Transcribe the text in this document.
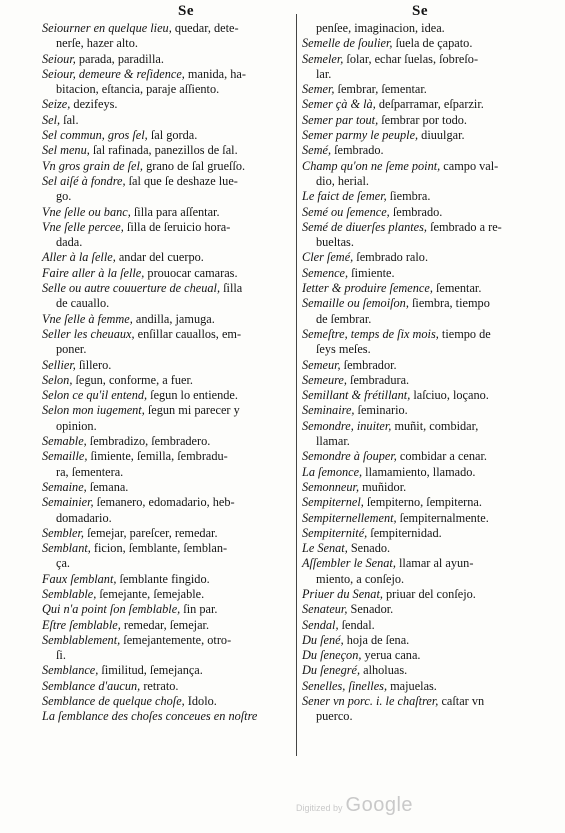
Se	Se
Seiourner en quelque lieu, quedar, dete-
nerſe, hazer alto.
Seiour, parada, paradilla.
Seiour, demeure & reſidence, manida, ha-
bitacion, eſtancia, paraje aſſiento.
Seize, dezifeys.
Sel, ſal.
Sel commun, gros ſel, ſal gorda.
Sel menu, ſal rafinada, panezillos de ſal.
Vn gros grain de ſel, grano de ſal grueſſo.
Sel aiſé à fondre, ſal que ſe deshaze lue-
go.
Vne ſelle ou banc, ſilla para aſſentar.
Vne ſelle percee, ſilla de ſeruicio hora-
dada.
Aller à la ſelle, andar del cuerpo.
Faire aller à la ſelle, prouocar camaras.
Selle ou autre couuerture de cheual, ſilla
de cauallo.
Vne ſelle à femme, andilla, jamuga.
Seller les cheuaux, enſillar cauallos, em-
poner.
Sellier, ſillero.
Selon, ſegun, conforme, a fuer.
Selon ce qu'il entend, ſegun lo entiende.
Selon mon iugement, ſegun mi parecer y
opinion.
Semable, ſembradizo, ſembradero.
Semaille, ſimiente, ſemilla, ſembradu-
ra, ſementera.
Semaine, ſemana.
Semainier, ſemanero, edomadario, heb-
domadario.
Sembler, ſemejar, pareſcer, remedar.
Semblant, ficion, ſemblante, ſemblan-
ça.
Faux ſemblant, ſemblante fingido.
Semblable, ſemejante, ſemejable.
Qui n'a point ſon ſemblable, ſin par.
Eſtre ſemblable, remedar, ſemejar.
Semblablement, ſemejantemente, otro-
ſi.
Semblance, ſimilitud, ſemejança.
Semblance d'aucun, retrato.
Semblance de quelque choſe, Idolo.
La ſemblance des choſes conceues en noſtre
penſee, imaginacion, idea.
Semelle de ſoulier, ſuela de çapato.
Semeler, ſolar, echar ſuelas, ſobreſo-
lar.
Semer, ſembrar, ſementar.
Semer çà & là, deſparramar, eſparzir.
Semer par tout, ſembrar por todo.
Semer parmy le peuple, diuulgar.
Semé, ſembrado.
Champ qu'on ne ſeme point, campo val-
dio, herial.
Le faict de ſemer, ſiembra.
Semé ou ſemence, ſembrado.
Semé de diuerſes plantes, ſembrado a re-
bueltas.
Cler ſemé, ſembrado ralo.
Semence, ſimiente.
Ietter & produire ſemence, ſementar.
Semaille ou ſemoiſon, ſiembra, tiempo
de ſembrar.
Semeſtre, temps de ſix mois, tiempo de
ſeys meſes.
Semeur, ſembrador.
Semeure, ſembradura.
Semillant & frétillant, laſciuo, loçano.
Seminaire, ſeminario.
Semondre, inuiter, muñit, combidar,
llamar.
Semondre à ſouper, combidar a cenar.
La ſemonce, llamamiento, llamado.
Semonneur, muñidor.
Sempiternel, ſempiterno, ſempiterna.
Sempiternellement, ſempiternalmente.
Sempiternité, ſempiternidad.
Le Senat, Senado.
Aſſembler le Senat, llamar al ayun-
miento, a conſejo.
Priuer du Senat, priuar del conſejo.
Senateur, Senador.
Sendal, ſendal.
Du ſené, hoja de ſena.
Du ſeneçon, yerua cana.
Du ſenegré, alholuas.
Senelles, ſinelles, majuelas.
Sener vn porc. i. le chaſtrer, caſtar vn
puerco.
Digitized by Google
